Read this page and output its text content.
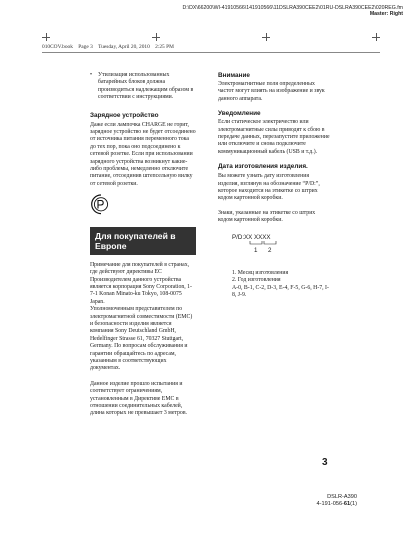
D:\DX\66200\WI-41910566\141910566\11DSLRA390CEE2\01RU-DSLRA390CEE2\020REG.fm
Master: Right
010COV.book Page 3 Tuesday, April 20, 2010 2:25 PM
•	Утилизация использованных батарейных блоков должна производиться надлежащим образом в соответствии с инструкциями.

Зарядное устройство

Даже если лампочка CHARGE не горит, зарядное устройство не будет отсоединено от источника питания переменного тока до тех пор, пока оно подсоединено к сетевой розетке. Если при использовании зарядного устройства возникнут какие-либо проблемы, немедленно отключите питание, отсоединив штепсельную вилку от сетевой розетки.

Для покупателей в Европе

Примечание для покупателей в странах, где действуют директивы ЕС Производителем данного устройства является корпорация Sony Corporation, 1-7-1 Konan Minato-ku Tokyo, 108-0075 Japan.

Уполномоченным представителем по электромагнитной совместимости (EMC) и безопасности изделия является компания Sony Deutschland GmbH, Hedelfinger Strasse 61, 70327 Stuttgart, Germany. По вопросам обслуживания и гарантии обращайтесь по адресам, указанным в соответствующих документах.

Данное изделие прошло испытания и соответствует ограничениям, установленным в Директиве EMC в отношении соединительных кабелей, длина которых не превышает 3 метров.

Внимание

Электромагнитные поля определенных частот могут влиять на изображение и звук данного аппарата.

Уведомление

Если статическое электричество или электромагнитные силы приводят к сбою в передаче данных, перезапустите приложение или отключите и снова подключите коммуникационный кабель (USB и т.д.).

Дата изготовления изделия.

Вы можете узнать дату изготовления изделия, взглянув на обозначение “P/D:”, которое находится на этикетке со штрих кодом картонной коробки.

Знаки, указанные на этикетке со штрих кодом картонной коробки.

P/D:XX XXXX
1 2

1. Месяц изготовления

2. Год изготовления

A-0, B-1, C-2, D-3, E-4, F-5, G-6, H-7, I-8, J-9.

3
DSLR-A390
4-191-056-61(1)
